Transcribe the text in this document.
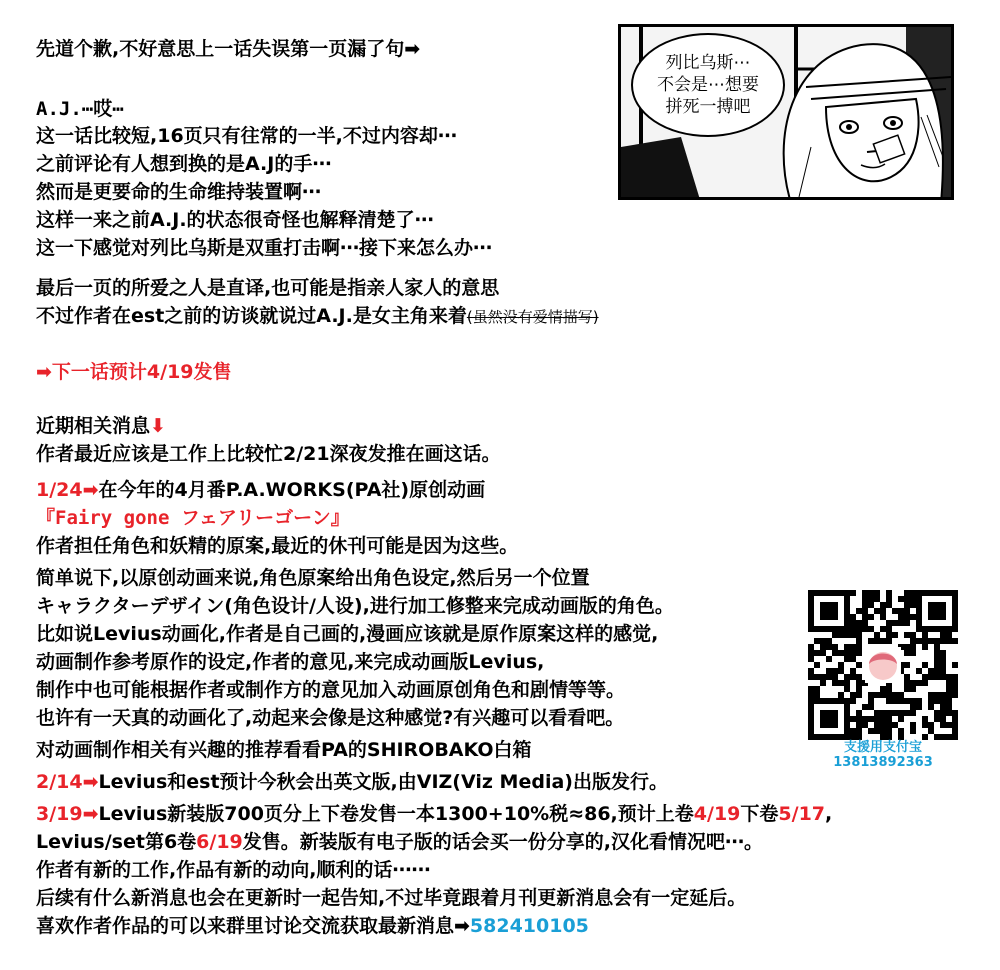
先道个歉,不好意思上一话失误第一页漏了句➡
A.J.⋯哎⋯
这一话比较短,16页只有往常的一半,不过内容却⋯
之前评论有人想到换的是A.J的手⋯
然而是更要命的生命维持装置啊⋯
这样一来之前A.J.的状态很奇怪也解释清楚了⋯
这一下感觉对列比乌斯是双重打击啊⋯接下来怎么办⋯
最后一页的所爱之人是直译,也可能是指亲人家人的意思
不过作者在est之前的访谈就说过A.J.是女主角来着(虽然没有爱情描写)
➡下一话预计4/19发售
近期相关消息⬇
作者最近应该是工作上比较忙2/21深夜发推在画这话。
1/24➡在今年的4月番P.A.WORKS(PA社)原创动画
『Fairy gone フェアリーゴーン』
作者担任角色和妖精的原案,最近的休刊可能是因为这些。
简单说下,以原创动画来说,角色原案给出角色设定,然后另一个位置
キャラクターデザイン(角色设计/人设),进行加工修整来完成动画版的角色。
比如说Levius动画化,作者是自己画的,漫画应该就是原作原案这样的感觉,
动画制作参考原作的设定,作者的意见,来完成动画版Levius,
制作中也可能根据作者或制作方的意见加入动画原创角色和剧情等等。
也许有一天真的动画化了,动起来会像是这种感觉?有兴趣可以看看吧。
对动画制作相关有兴趣的推荐看看PA的SHIROBAKO白箱
2/14➡Levius和est预计今秋会出英文版,由VIZ(Viz Media)出版发行。
3/19➡Levius新装版700页分上下卷发售一本1300+10%税≈86,预计上卷4/19下卷5/17,
Levius/set第6卷6/19发售。新装版有电子版的话会买一份分享的,汉化看情况吧⋯。
作者有新的工作,作品有新的动向,顺利的话⋯⋯
后续有什么新消息也会在更新时一起告知,不过毕竟跟着月刊更新消息会有一定延后。
喜欢作者作品的可以来群里讨论交流获取最新消息➡582410105
列比乌斯⋯
不会是⋯想要
拼死一搏吧
支援用支付宝
13813892363
